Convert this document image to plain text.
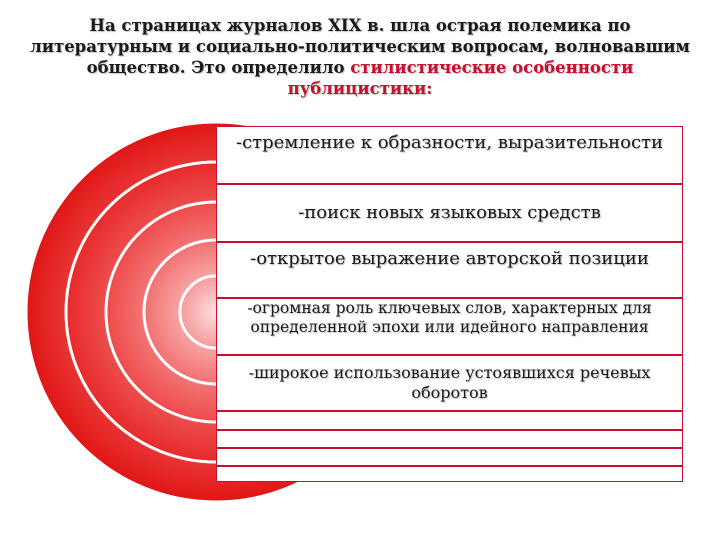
На страницах журналов XIX в. шла острая полемика по литературным и социально-политическим вопросам, волновавшим общество. Это определило стилистические особенности публицистики:
-стремление к образности, выразительности
-поиск новых языковых средств
-открытое выражение авторской позиции
-огромная роль ключевых слов, характерных для определенной эпохи или идейного направления
-широкое использование устоявшихся речевых оборотов
